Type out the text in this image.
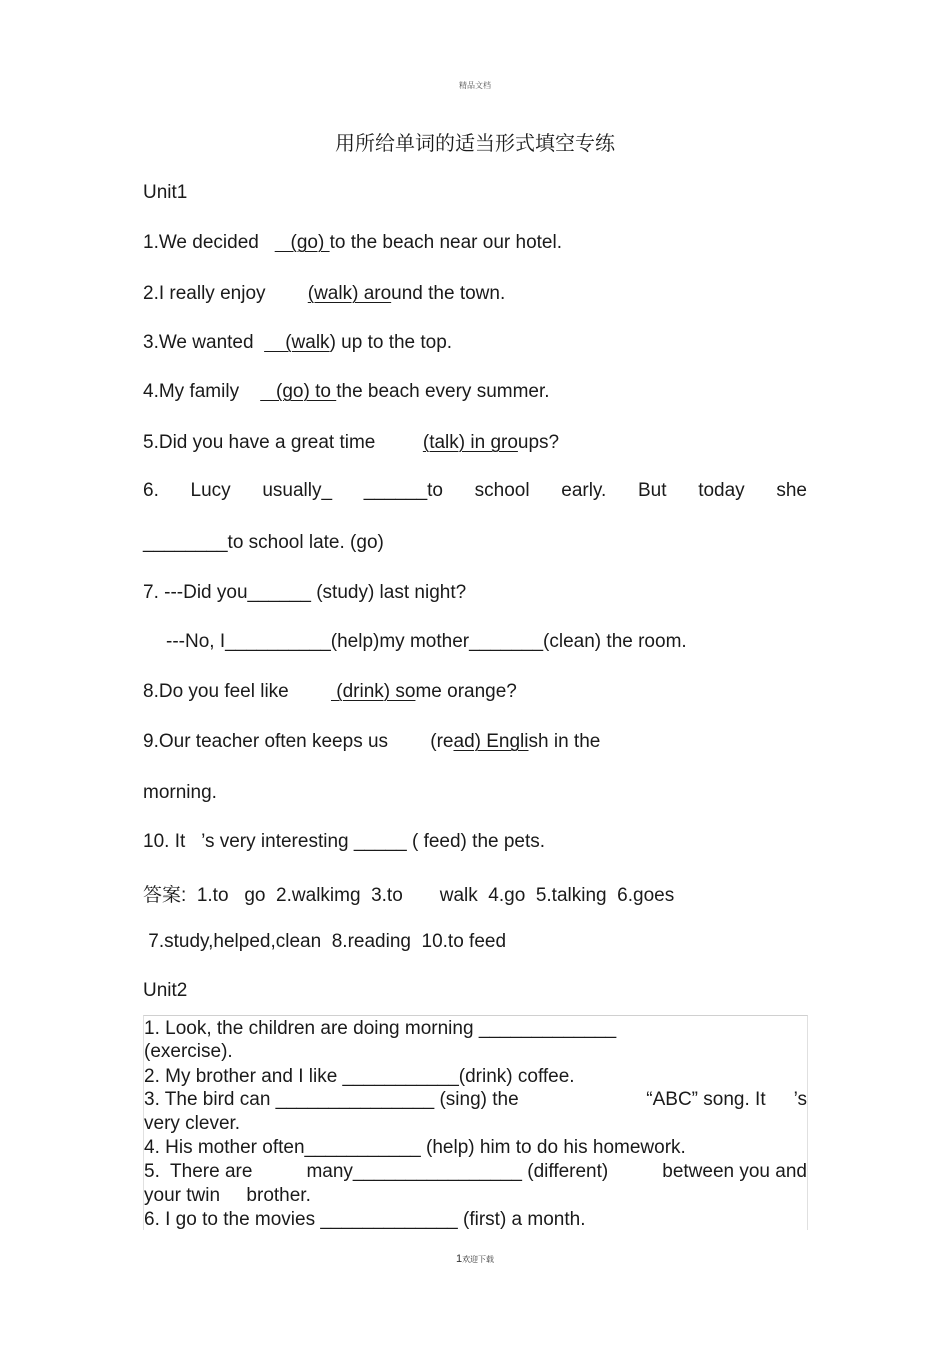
精品文档
用所给单词的适当形式填空专练
Unit1
1.We decided      (go) to the beach near our hotel.
2.I really enjoy        (walk) around the town.
3.We wanted      (walk) up to the top.
4.My family       (go) to the beach every summer.
5.Did you have a great time         (talk) in groups?
6. Lucy usually_ ______to school early. But today she
________to school late. (go)
7. ---Did you______ (study) last night?
---No, I__________(help)my mother_______(clean) the room.
8.Do you feel like         (drink) some orange?
9.Our teacher often keeps us        (read) English in the
morning.
10. It   ’s very interesting _____ ( feed) the pets.
答案:  1.to   go  2.walkimg  3.to       walk  4.go  5.talking  6.goes
7.study,helped,clean  8.reading  10.to feed
Unit2
1. Look, the children are doing morning _____________
(exercise).
2. My brother and I like ___________(drink) coffee.
3. The bird can _______________ (sing) the	“ABC” song. It ’s
very clever.
4. His mother often___________ (help) him to do his homework.
5.  There are	many________________ (different)	between you and
your twin     brother.
6. I go to the movies _____________ (first) a month.
1欢迎下载
